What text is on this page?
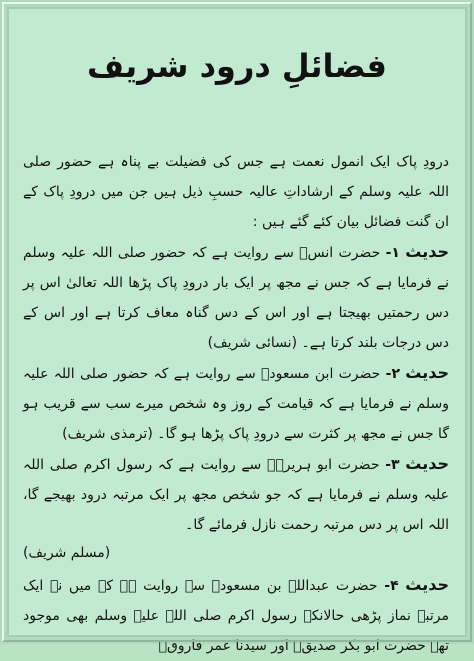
فضائلِ درود شریف

درودِ پاک ایک انمول نعمت ہے جس کی فضیلت بے پناہ ہے حضور صلی اللہ علیہ وسلم کے ارشاداتِ عالیہ حسبِ ذیل ہیں جن میں درودِ پاک کے ان گنت فضائل بیان کئے گئے ہیں :

حدیث ۱- حضرت انسؓ سے روایت ہے کہ حضور صلی اللہ علیہ وسلم نے فرمایا ہے کہ جس نے مجھ پر ایک بار درودِ پاک پڑھا اللہ تعالیٰ اس پر دس رحمتیں بھیجتا ہے اور اس کے دس گناہ معاف کرتا ہے اور اس کے دس درجات بلند کرتا ہے۔ (نسائی شریف)

حدیث ۲- حضرت ابن مسعودؓ سے روایت ہے کہ حضور صلی اللہ علیہ وسلم نے فرمایا ہے کہ قیامت کے روز وہ شخص میرے سب سے قریب ہو گا جس نے مجھ پر کثرت سے درودِ پاک پڑھا ہو گا۔ (ترمذی شریف)

حدیث ۳- حضرت ابو ہریرہؓ سے روایت ہے کہ رسول اکرم صلی اللہ علیہ وسلم نے فرمایا ہے کہ جو شخص مجھ پر ایک مرتبہ درود بھیجے گا، اللہ اس پر دس مرتبہ رحمت نازل فرمائے گا۔

(مسلم شریف)

حدیث ۴- حضرت عبداللہ بن مسعودؓ سے روایت ہے کہ میں نے ایک مرتبہ نماز پڑھی حالانکہ رسول اکرم صلی اللہ علیہ وسلم بھی موجود تھے حضرت ابو بکر صدیقؓ اور سیدنا عمر فاروقؓ
